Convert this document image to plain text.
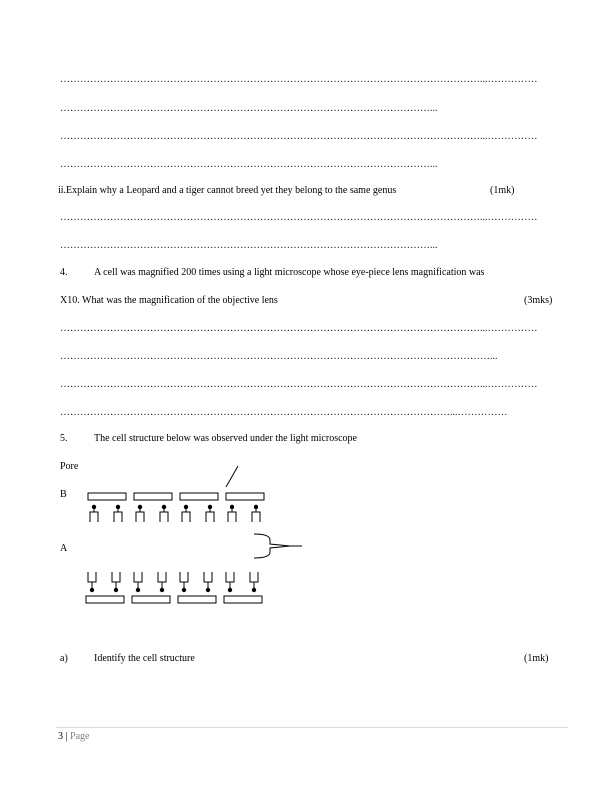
………………………………………………………………………………………………………………...……………
…………………………………………………………………………………………………...
………………………………………………………………………………………………………………...……………
…………………………………………………………………………………………………...
ii.Explain why a Leopard and a tiger cannot breed yet they belong to the same genus	(1mk)
………………………………………………………………………………………………………………...……………
…………………………………………………………………………………………………...
4.	A cell was magnified 200 times using a light microscope whose eye-piece lens magnification was
X10. What was the magnification of the objective lens	(3mks)
………………………………………………………………………………………………………………...……………
…………………………………………………………………………………………………………………...
………………………………………………………………………………………………………………...……………
………………………………………………………………………………………………………...……………
5.	The cell structure below was observed under the light microscope
Pore
B
A
a)	Identify the cell structure	(1mk)
3 | Page
